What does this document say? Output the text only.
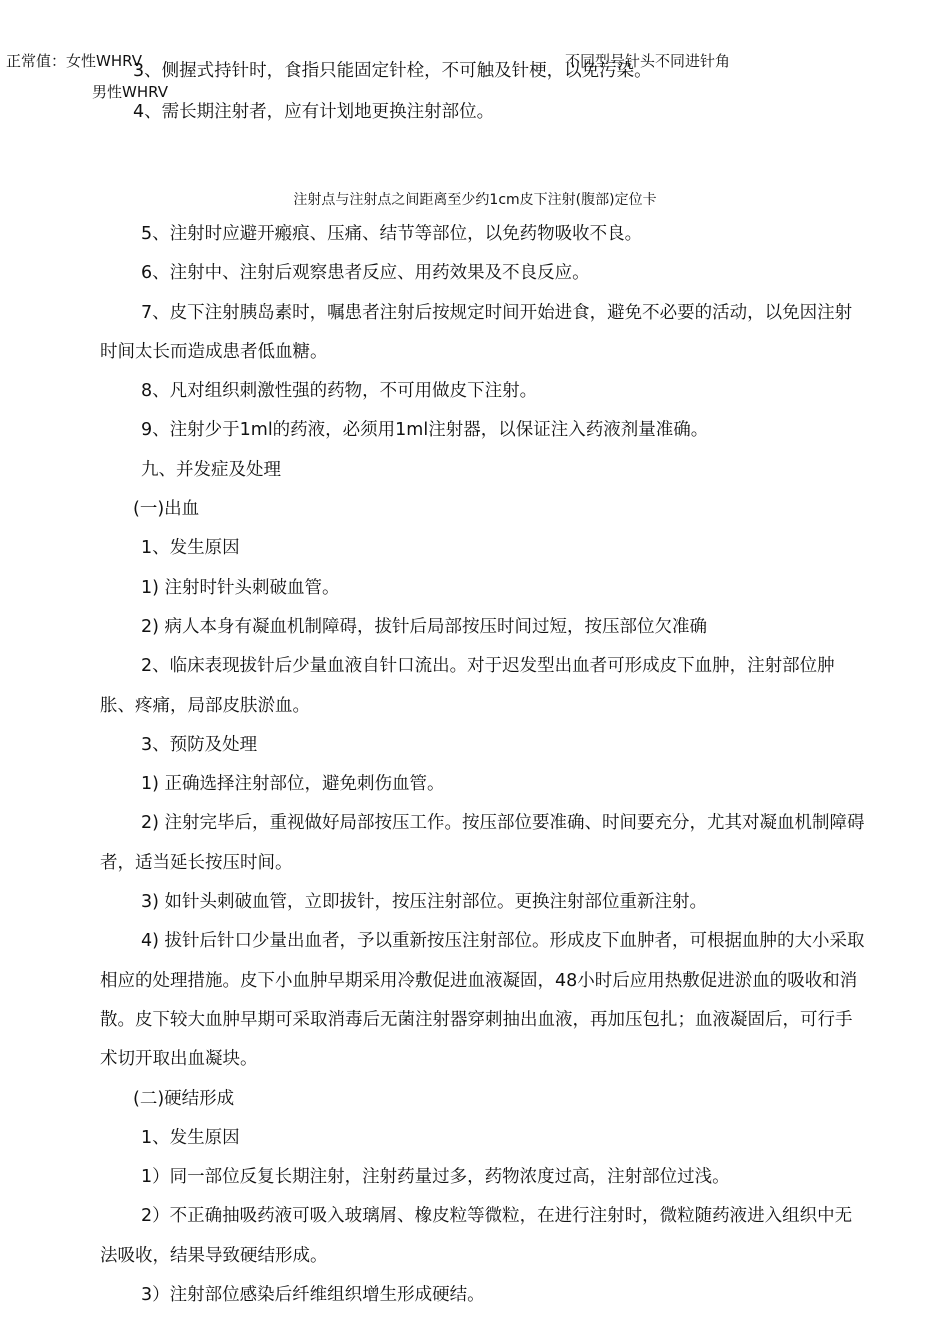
正常值：女性WHRV
男性WHRV
不同型号针头不同进针角
3、侧握式持针时，食指只能固定针栓，不可触及针梗，以免污染。
4、需长期注射者，应有计划地更换注射部位。
注射点与注射点之间距离至少约1cm皮下注射(腹部)定位卡

5、注射时应避开瘢痕、压痛、结节等部位，以免药物吸收不良。

6、注射中、注射后观察患者反应、用药效果及不良反应。

7、皮下注射胰岛素时，嘱患者注射后按规定时间开始进食，避免不必要的活动，以免因注射时间太长而造成患者低血糖。

8、凡对组织刺激性强的药物，不可用做皮下注射。

9、注射少于1ml的药液，必须用1ml注射器，以保证注入药液剂量准确。

九、并发症及处理

(一)出血

1、发生原因

1) 注射时针头刺破血管。

2) 病人本身有凝血机制障碍，拔针后局部按压时间过短，按压部位欠准确

2、临床表现拔针后少量血液自针口流出。对于迟发型出血者可形成皮下血肿，注射部位肿胀、疼痛，局部皮肤淤血。

3、预防及处理

1) 正确选择注射部位，避免刺伤血管。

2) 注射完毕后，重视做好局部按压工作。按压部位要准确、时间要充分，尤其对凝血机制障碍者，适当延长按压时间。

3) 如针头刺破血管，立即拔针，按压注射部位。更换注射部位重新注射。

4) 拔针后针口少量出血者，予以重新按压注射部位。形成皮下血肿者，可根据血肿的大小采取相应的处理措施。皮下小血肿早期采用冷敷促进血液凝固，48小时后应用热敷促进淤血的吸收和消散。皮下较大血肿早期可采取消毒后无菌注射器穿刺抽出血液，再加压包扎；血液凝固后，可行手术切开取出血凝块。

(二)硬结形成

1、发生原因

1）同一部位反复长期注射，注射药量过多，药物浓度过高，注射部位过浅。

2）不正确抽吸药液可吸入玻璃屑、橡皮粒等微粒，在进行注射时，微粒随药液进入组织中无法吸收，结果导致硬结形成。

3）注射部位感染后纤维组织增生形成硬结。
